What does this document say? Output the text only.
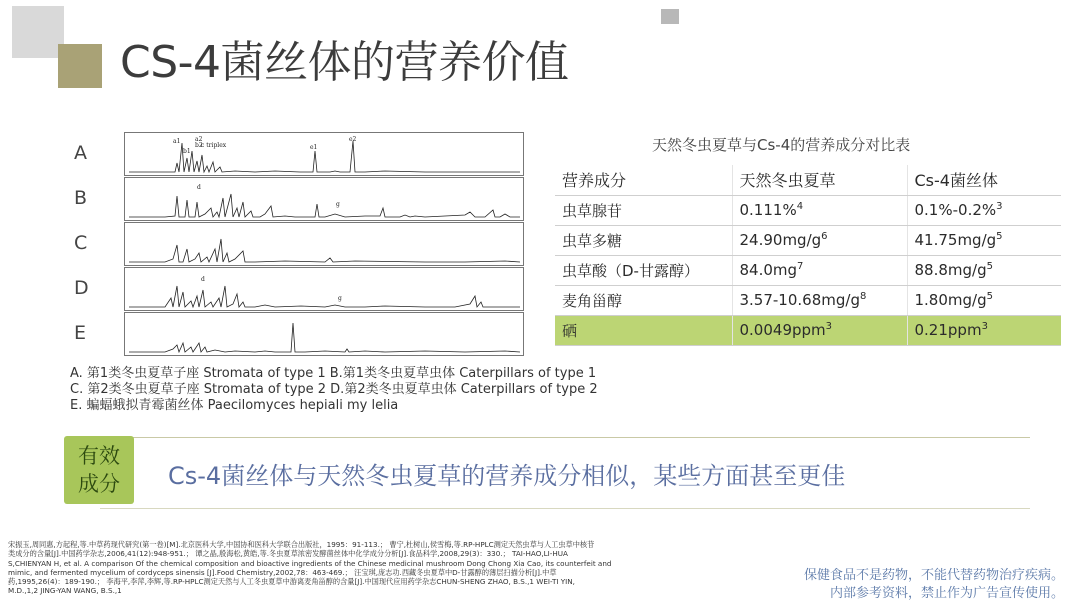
CS-4菌丝体的营养价值
A
a1 a2
b2
c triplex
b1
e1
e2
B	d
g
C
D	d
g
E
A. 第1类冬虫夏草子座 Stromata of type 1 B.第1类冬虫夏草虫体 Caterpillars of type 1
C. 第2类冬虫夏草子座 Stromata of type 2 D.第2类冬虫夏草虫体 Caterpillars of type 2
E. 蝙蝠蛾拟青霉菌丝体 Paecilomyces hepiali my lelia
天然冬虫夏草与Cs-4的营养成分对比表
营养成分	天然冬虫夏草	Cs-4菌丝体
虫草腺苷	0.111%$^4$	0.1%-0.2%$^3$
虫草多糖	$24.90mg/g^6$	$41.75mg/g^5$
虫草酸（D-甘露醇）	$84.0mg^7$	$88.8mg/g^5$
麦角甾醇	$3.57-10.68mg/g^8$	$1.80mg/g^5$
硒	0.0049ppm$^3$	0.21ppm$^3$
有效
成分	Cs-4菌丝体与天然冬虫夏草的营养成分相似，某些方面甚至更佳
宋振玉,周同惠,方起程,等.中草药现代研究(第一卷)[M].北京医科大学,中国协和医科大学联合出版社，1995：91-113.； 曹宁,杜树山,侯雪梅,等.RP-HPLC测定天然虫草与人工虫草中核苷
类成分的含量[J].中国药学杂志,2006,41(12):948-951.； 谭之晶,殷海松,黄皓,等.冬虫夏草浓密发酵菌丝体中化学成分分析[J].食品科学,2008,29(3)：330.； TAI-HAO,LI-HUA
S,CHIENYAN H, et al. A comparison Of the chemical composition and bioactive ingredients of the Chinese medicinal mushroom Dong Chong Xia Cao, its counterfeit and
mimic, and fermented mycelium of cordyceps sinensis [J].Food Chemistry,2002,78：463-469.； 汪宝琪,庞志功.西藏冬虫夏草中D-甘露醇的薄层扫描分析[J].中草
药,1995,26(4)：189-190.； 李海平,李萍,李辉,等.RP-HPLC测定天然与人工冬虫夏草中游离麦角甾醇的含量[J].中国现代应用药学杂志CHUN-SHENG ZHAO, B.S.,1 WEI-TI YIN,
M.D.,1,2 JING-YAN WANG, B.S.,1
保健食品不是药物，不能代替药物治疗疾病。
内部参考资料，禁止作为广告宣传使用。
